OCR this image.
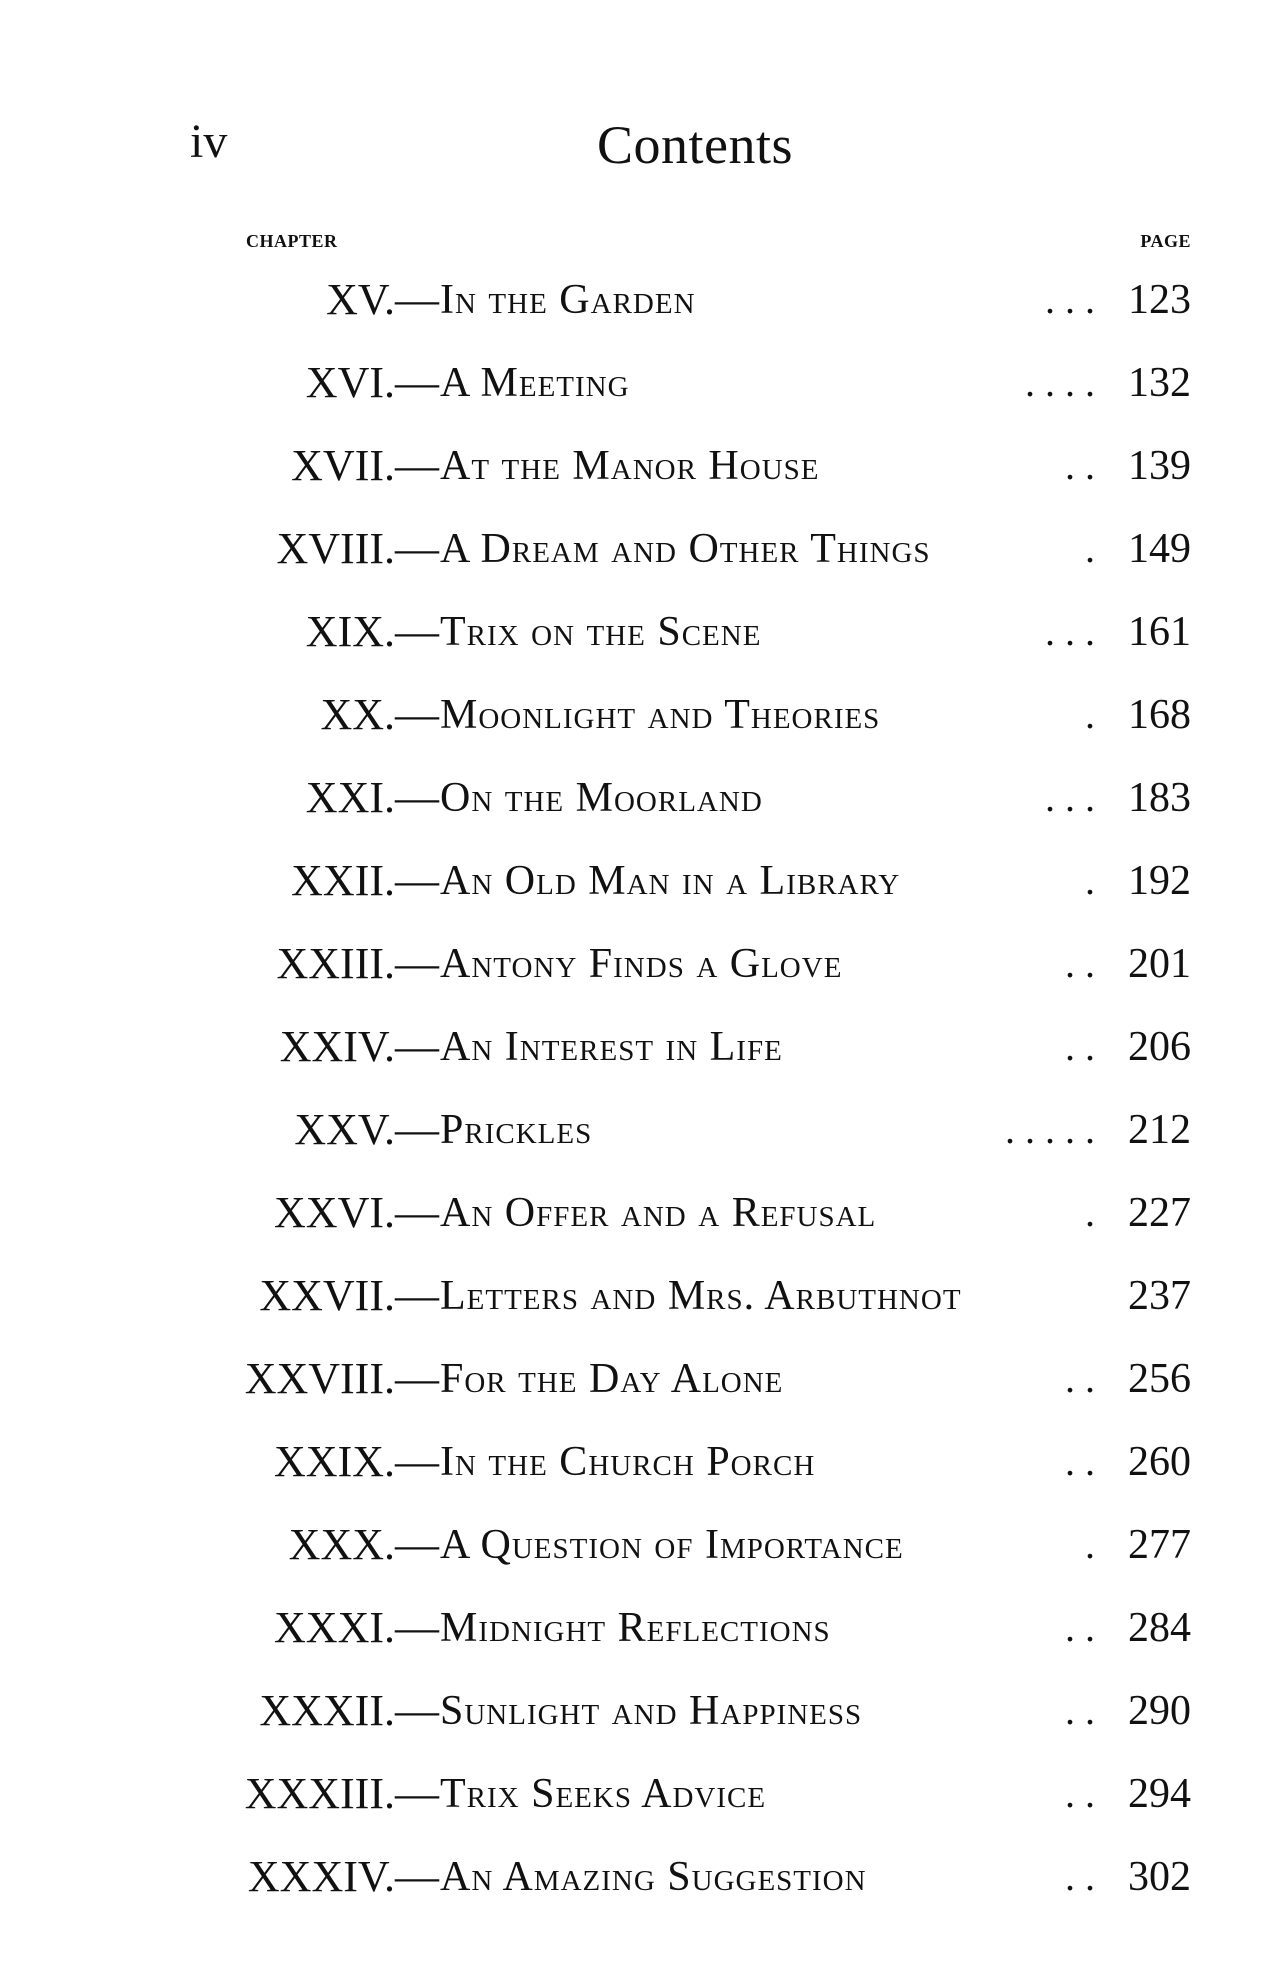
iv	Contents
CHAPTER	PAGE
XV. — In the Garden	. . . 123
XVI. — A Meeting	. . . . 132
XVII. — At the Manor House	. . 139
XVIII. — A Dream and Other Things	. 149
XIX. — Trix on the Scene	. . . 161
XX. — Moonlight and Theories	. 168
XXI. — On the Moorland	. . . 183
XXII. — An Old Man in a Library	. 192
XXIII. — Antony Finds a Glove	. . 201
XXIV. — An Interest in Life	. . 206
XXV. — Prickles	. . . . . 212
XXVI. — An Offer and a Refusal	. 227
XXVII. — Letters and Mrs. Arbuthnot	237
XXVIII. — For the Day Alone	. . 256
XXIX. — In the Church Porch	. . 260
XXX. — A Question of Importance	. 277
XXXI. — Midnight Reflections	. . 284
XXXII. — Sunlight and Happiness	. . 290
XXXIII. — Trix Seeks Advice	. . 294
XXXIV. — An Amazing Suggestion	. . 302
